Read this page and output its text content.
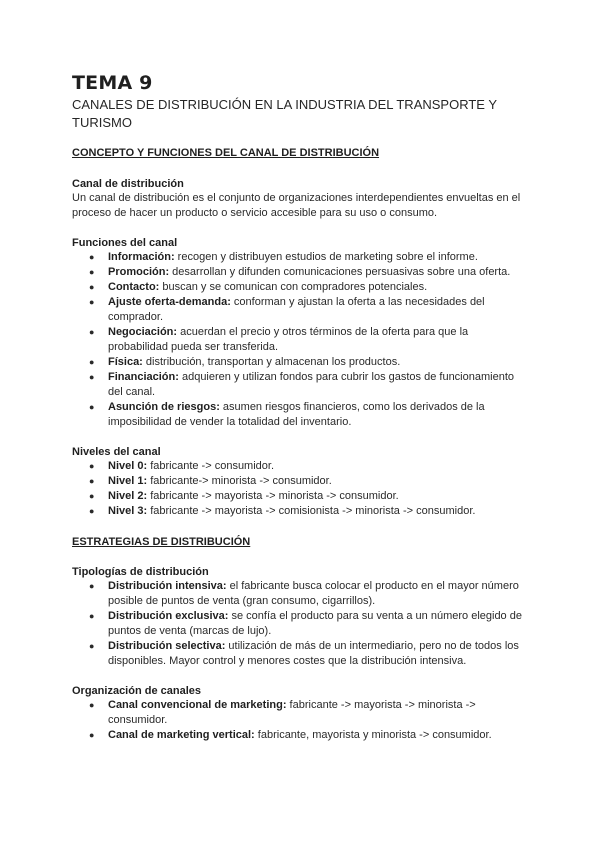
TEMA 9

CANALES DE DISTRIBUCIÓN EN LA INDUSTRIA DEL TRANSPORTE Y TURISMO

CONCEPTO Y FUNCIONES DEL CANAL DE DISTRIBUCIÓN
Canal de distribución

Un canal de distribución es el conjunto de organizaciones interdependientes envueltas en el proceso de hacer un producto o servicio accesible para su uso o consumo.

Funciones del canal
● Información: recogen y distribuyen estudios de marketing sobre el informe.
● Promoción: desarrollan y difunden comunicaciones persuasivas sobre una oferta.
● Contacto: buscan y se comunican con compradores potenciales.
● Ajuste oferta-demanda: conforman y ajustan la oferta a las necesidades del comprador.
● Negociación: acuerdan el precio y otros términos de la oferta para que la probabilidad pueda ser transferida.
● Física: distribución, transportan y almacenan los productos.
● Financiación: adquieren y utilizan fondos para cubrir los gastos de funcionamiento del canal.
● Asunción de riesgos: asumen riesgos financieros, como los derivados de la imposibilidad de vender la totalidad del inventario.
Niveles del canal
● Nivel 0: fabricante -> consumidor.
● Nivel 1: fabricante-> minorista -> consumidor.
● Nivel 2: fabricante -> mayorista -> minorista -> consumidor.
● Nivel 3: fabricante -> mayorista -> comisionista -> minorista -> consumidor.
ESTRATEGIAS DE DISTRIBUCIÓN
Tipologías de distribución
● Distribución intensiva: el fabricante busca colocar el producto en el mayor número posible de puntos de venta (gran consumo, cigarrillos).
● Distribución exclusiva: se confía el producto para su venta a un número elegido de puntos de venta (marcas de lujo).
● Distribución selectiva: utilización de más de un intermediario, pero no de todos los disponibles. Mayor control y menores costes que la distribución intensiva.
Organización de canales
● Canal convencional de marketing: fabricante -> mayorista -> minorista -> consumidor.
● Canal de marketing vertical: fabricante, mayorista y minorista -> consumidor.
